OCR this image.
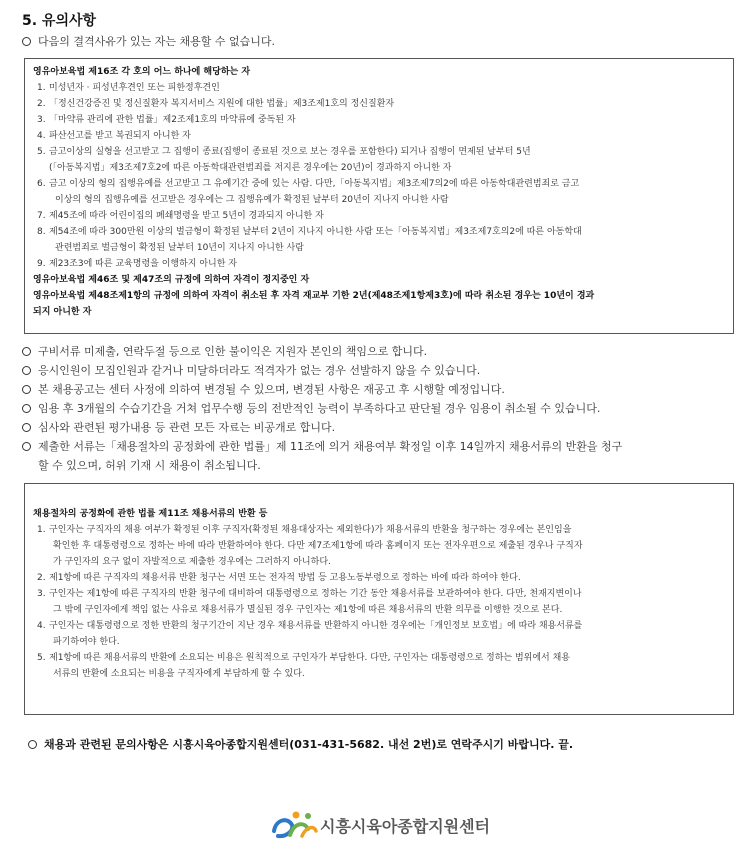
5. 유의사항
다음의 결격사유가 있는 자는 채용할 수 없습니다.
영유아보육법 제16조 각 호의 어느 하나에 해당하는 자
1. 미성년자 · 피성년후견인 또는 피한정후견인
2. 「정신건강증진 및 정신질환자 복지서비스 지원에 대한 법률」제3조제1호의 정신질환자
3. 「마약류 관리에 관한 법률」제2조제1호의 마약류에 중독된 자
4. 파산선고를 받고 복권되지 아니한 자
5. 금고이상의 실형을 선고받고 그 집행이 종료(집행이 종료된 것으로 보는 경우를 포함한다) 되거나 집행이 면제된 날부터 5년
(「아동복지법」제3조제7호2에 따른 아동학대관련범죄를 저지른 경우에는 20년)이 경과하지 아니한 자
6. 금고 이상의 형의 집행유예를 선고받고 그 유예기간 중에 있는 사람. 다만,「아동복지법」제3조제7의2에 따른 아동학대관련범죄로 금고
이상의 형의 집행유예를 선고받은 경우에는 그 집행유예가 확정된 날부터 20년이 지나지 아니한 사람
7. 제45조에 따라 어린이집의 폐쇄명령을 받고 5년이 경과되지 아니한 자
8. 제54조에 따라 300만원 이상의 벌금형이 확정된 날부터 2년이 지나지 아니한 사람 또는「아동복지법」제3조제7호의2에 따른 아동학대
관련범죄로 벌금형이 확정된 날부터 10년이 지나지 아니한 사람
9. 제23조3에 따른 교육명령을 이행하지 아니한 자
영유아보육법 제46조 및 제47조의 규정에 의하여 자격이 정지중인 자
영유아보육법 제48조제1항의 규정에 의하여 자격이 취소된 후 자격 재교부 기한 2년(제48조제1항제3호)에 따라 취소된 경우는 10년이 경과
되지 아니한 자
구비서류 미제출, 연락두절 등으로 인한 불이익은 지원자 본인의 책임으로 합니다.
응시인원이 모집인원과 같거나 미달하더라도 적격자가 없는 경우 선발하지 않을 수 있습니다.
본 채용공고는 센터 사정에 의하여 변경될 수 있으며, 변경된 사항은 재공고 후 시행할 예정입니다.
임용 후 3개월의 수습기간을 거쳐 업무수행 등의 전반적인 능력이 부족하다고 판단될 경우 임용이 취소될 수 있습니다.
심사와 관련된 평가내용 등 관련 모든 자료는 비공개로 합니다.
제출한 서류는「채용절차의 공정화에 관한 법률」제 11조에 의거 채용여부 확정일 이후 14일까지 채용서류의 반환을 청구
할 수 있으며, 허위 기재 시 채용이 취소됩니다.
채용절차의 공정화에 관한 법률 제11조 채용서류의 반환 등
1. 구인자는 구직자의 채용 여부가 확정된 이후 구직자(확정된 채용대상자는 제외한다)가 채용서류의 반환을 청구하는 경우에는 본인임을
확인한 후 대통령령으로 정하는 바에 따라 반환하여야 한다. 다만 제7조제1항에 따라 홈페이지 또는 전자우편으로 제출된 경우나 구직자
가 구인자의 요구 없이 자발적으로 제출한 경우에는 그러하지 아니하다.
2. 제1항에 따른 구직자의 채용서류 반환 청구는 서면 또는 전자적 방법 등 고용노동부령으로 정하는 바에 따라 하여야 한다.
3. 구인자는 제1항에 따른 구직자의 반환 청구에 대비하여 대통령령으로 정하는 기간 동안 채용서류를 보관하여야 한다. 다만, 천재지변이나
그 밖에 구인자에게 책임 없는 사유로 채용서류가 멸실된 경우 구인자는 제1항에 따른 채용서류의 반환 의무를 이행한 것으로 본다.
4. 구인자는 대통령령으로 정한 반환의 청구기간이 지난 경우 채용서류를 반환하지 아니한 경우에는「개인정보 보호법」에 따라 채용서류를
파기하여야 한다.
5. 제1항에 따른 채용서류의 반환에 소요되는 비용은 원칙적으로 구인자가 부담한다. 다만, 구인자는 대통령령으로 정하는 범위에서 채용
서류의 반환에 소요되는 비용을 구직자에게 부담하게 할 수 있다.
채용과 관련된 문의사항은 시흥시육아종합지원센터(031-431-5682. 내선 2번)로 연락주시기 바랍니다. 끝.
시흥시육아종합지원센터
